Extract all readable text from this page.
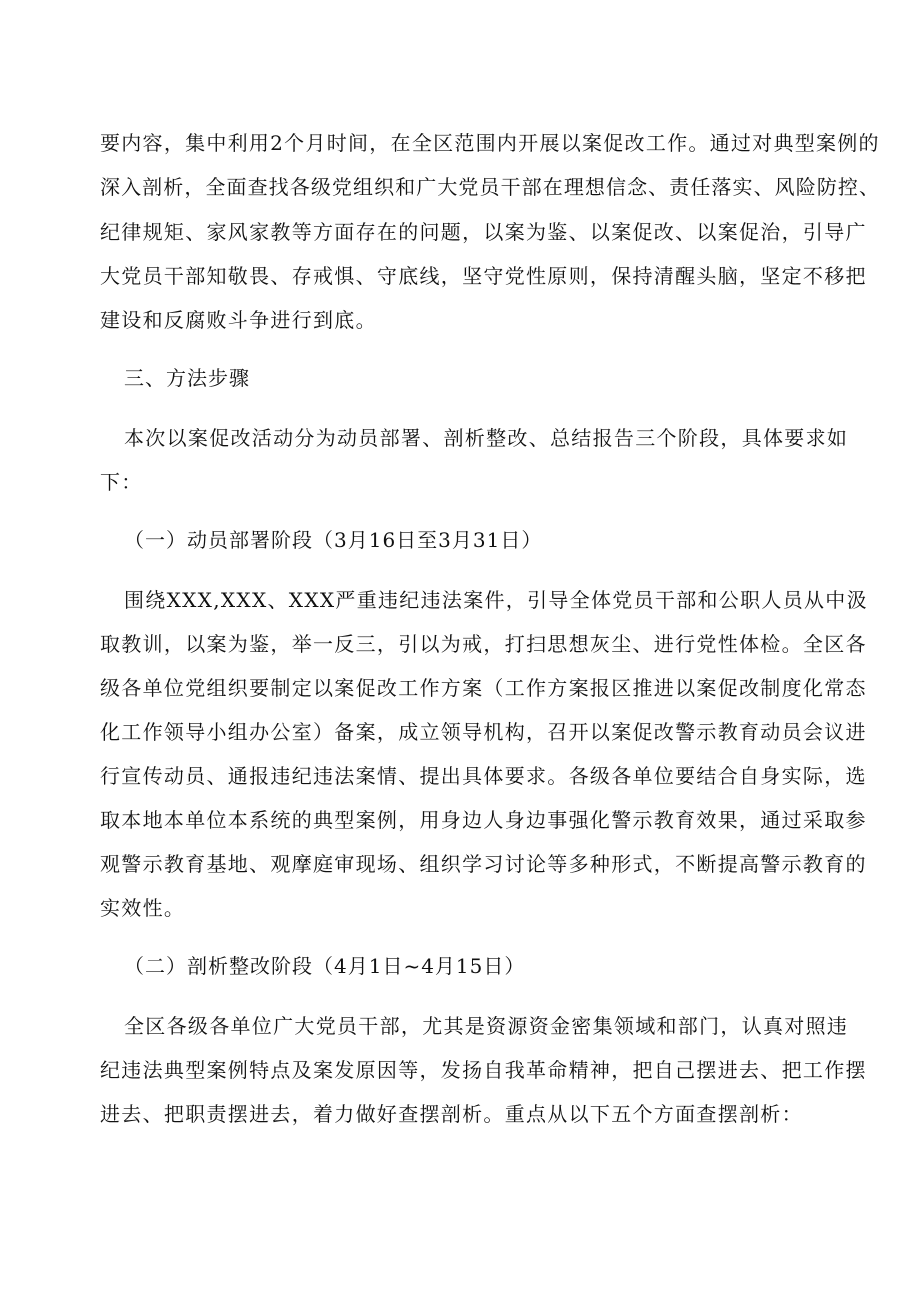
要内容，集中利用2个月时间，在全区范围内开展以案促改工作。通过对典型案例的

深入剖析，全面查找各级党组织和广大党员干部在理想信念、责任落实、风险防控、

纪律规矩、家风家教等方面存在的问题，以案为鉴、以案促改、以案促治，引导广

大党员干部知敬畏、存戒惧、守底线，坚守党性原则，保持清醒头脑，坚定不移把

建设和反腐败斗争进行到底。

三、方法步骤

本次以案促改活动分为动员部署、剖析整改、总结报告三个阶段，具体要求如

下：

（一）动员部署阶段（3月16日至3月31日）

围绕XXX,XXX、XXX严重违纪违法案件，引导全体党员干部和公职人员从中汲

取教训，以案为鉴，举一反三，引以为戒，打扫思想灰尘、进行党性体检。全区各

级各单位党组织要制定以案促改工作方案（工作方案报区推进以案促改制度化常态

化工作领导小组办公室）备案，成立领导机构，召开以案促改警示教育动员会议进

行宣传动员、通报违纪违法案情、提出具体要求。各级各单位要结合自身实际，选

取本地本单位本系统的典型案例，用身边人身边事强化警示教育效果，通过采取参

观警示教育基地、观摩庭审现场、组织学习讨论等多种形式，不断提高警示教育的

实效性。

（二）剖析整改阶段（4月1日~4月15日）

全区各级各单位广大党员干部，尤其是资源资金密集领域和部门，认真对照违

纪违法典型案例特点及案发原因等，发扬自我革命精神，把自己摆进去、把工作摆

进去、把职责摆进去，着力做好查摆剖析。重点从以下五个方面查摆剖析：
